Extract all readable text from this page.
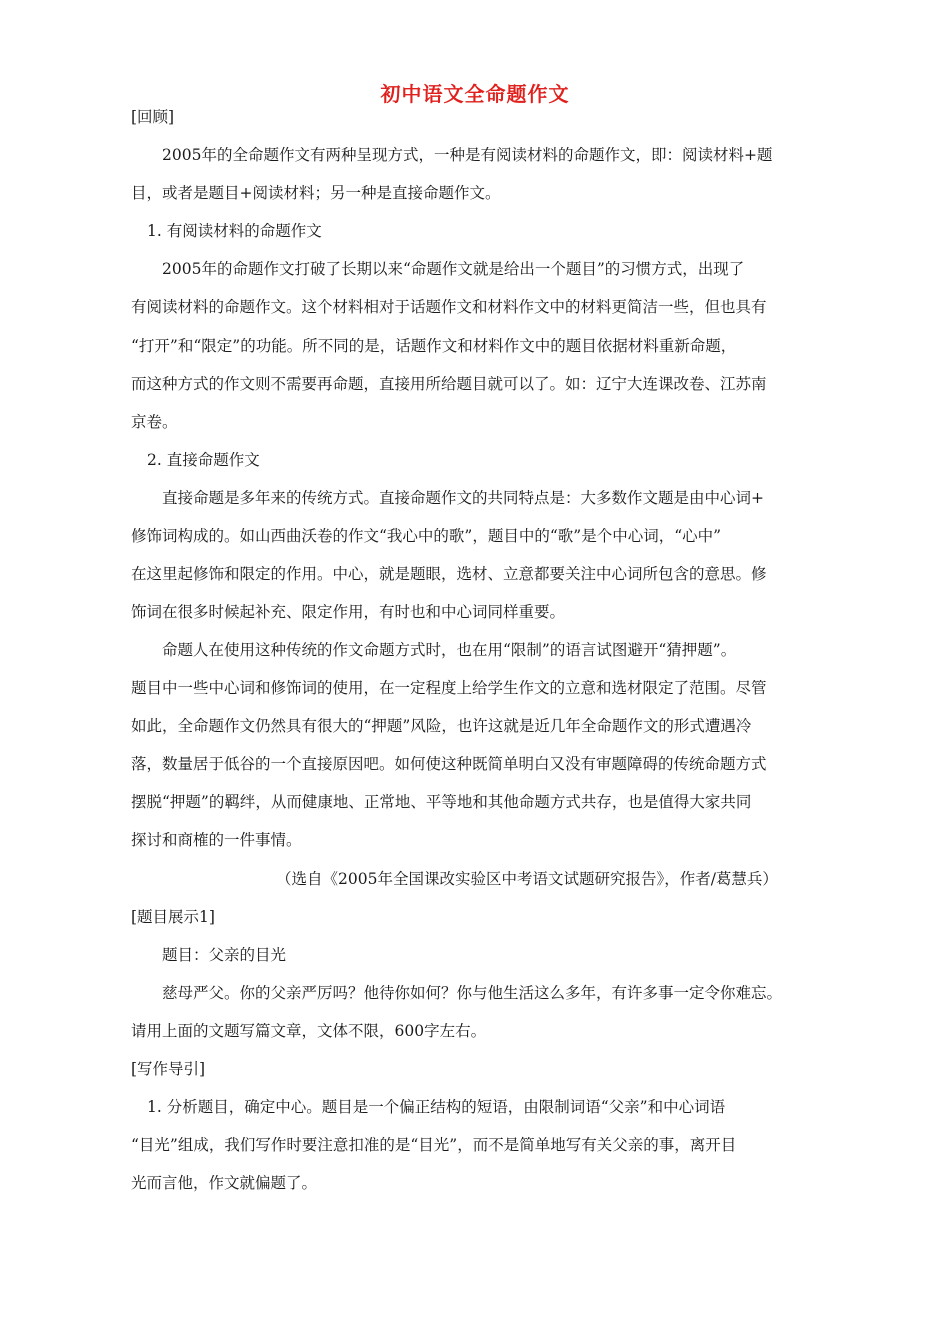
初中语文全命题作文
[回顾]
2005年的全命题作文有两种呈现方式，一种是有阅读材料的命题作文，即：阅读材料+题
目，或者是题目+阅读材料；另一种是直接命题作文。
1. 有阅读材料的命题作文
2005年的命题作文打破了长期以来“命题作文就是给出一个题目”的习惯方式，出现了
有阅读材料的命题作文。这个材料相对于话题作文和材料作文中的材料更简洁一些，但也具有
“打开”和“限定”的功能。所不同的是，话题作文和材料作文中的题目依据材料重新命题，
而这种方式的作文则不需要再命题，直接用所给题目就可以了。如：辽宁大连课改卷、江苏南
京卷。
2. 直接命题作文
直接命题是多年来的传统方式。直接命题作文的共同特点是：大多数作文题是由中心词+
修饰词构成的。如山西曲沃卷的作文“我心中的歌”，题目中的“歌”是个中心词，“心中”
在这里起修饰和限定的作用。中心，就是题眼，选材、立意都要关注中心词所包含的意思。修
饰词在很多时候起补充、限定作用，有时也和中心词同样重要。
命题人在使用这种传统的作文命题方式时，也在用“限制”的语言试图避开“猜押题”。
题目中一些中心词和修饰词的使用，在一定程度上给学生作文的立意和选材限定了范围。尽管
如此，全命题作文仍然具有很大的“押题”风险，也许这就是近几年全命题作文的形式遭遇冷
落，数量居于低谷的一个直接原因吧。如何使这种既简单明白又没有审题障碍的传统命题方式
摆脱“押题”的羁绊，从而健康地、正常地、平等地和其他命题方式共存，也是值得大家共同
探讨和商榷的一件事情。
（选自《2005年全国课改实验区中考语文试题研究报告》，作者/葛慧兵）
[题目展示1]
题目：父亲的目光
慈母严父。你的父亲严厉吗？他待你如何？你与他生活这么多年，有许多事一定令你难忘。
请用上面的文题写篇文章，文体不限，600字左右。
[写作导引]
1. 分析题目，确定中心。题目是一个偏正结构的短语，由限制词语“父亲”和中心词语
“目光”组成，我们写作时要注意扣准的是“目光”，而不是简单地写有关父亲的事，离开目
光而言他，作文就偏题了。
